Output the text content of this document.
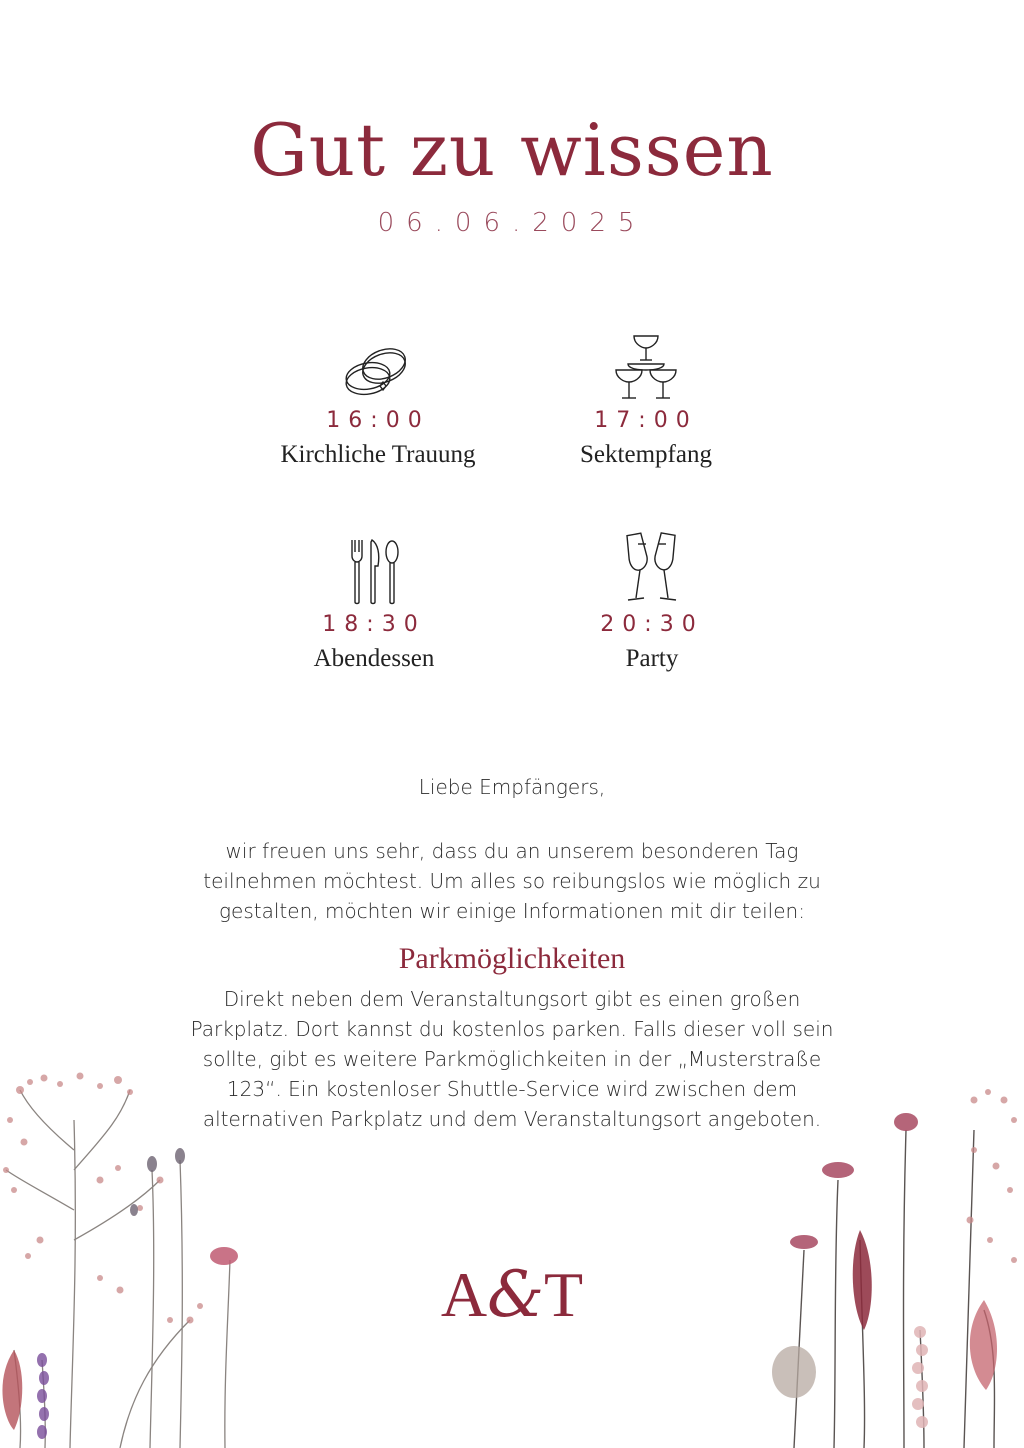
Gut zu wissen
06.06.2025
16:00
Kirchliche Trauung
17:00
Sektempfang
18:30
Abendessen
20:30
Party
Liebe Empfängers,
wir freuen uns sehr, dass du an unserem besonderen Tag teilnehmen möchtest. Um alles so reibungslos wie möglich zu gestalten, möchten wir einige Informationen mit dir teilen:
Parkmöglichkeiten
Direkt neben dem Veranstaltungsort gibt es einen großen Parkplatz. Dort kannst du kostenlos parken. Falls dieser voll sein sollte, gibt es weitere Parkmöglichkeiten in der „Musterstraße 123“. Ein kostenloser Shuttle-Service wird zwischen dem alternativen Parkplatz und dem Veranstaltungsort angeboten.
A&T
